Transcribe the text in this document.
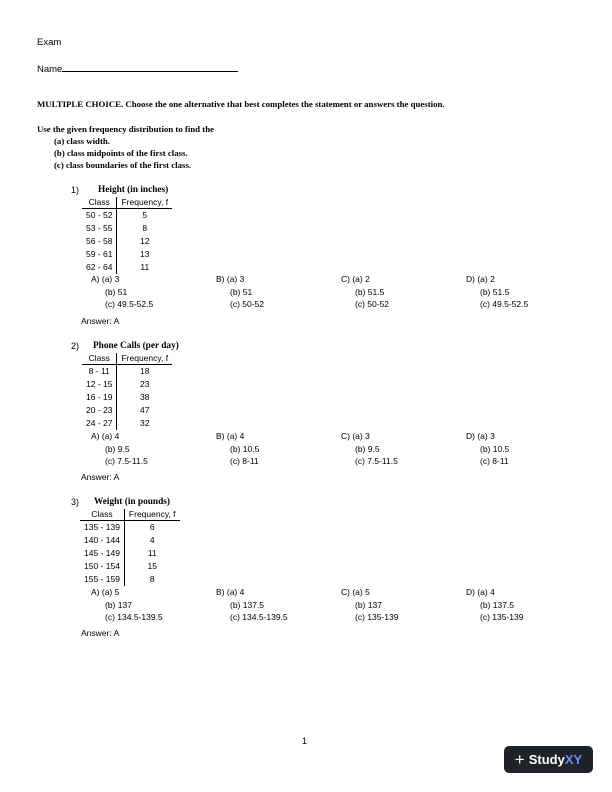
Exam
Name
MULTIPLE CHOICE. Choose the one alternative that best completes the statement or answers the question.
Use the given frequency distribution to find the
(a) class width.
(b) class midpoints of the first class.
(c) class boundaries of the first class.
1) Height (in inches)
Class	Frequency, f
50 - 52	5
53 - 55	8
56 - 58	12
59 - 61	13
62 - 64	11
A) (a) 3
(b) 51
(c) 49.5-52.5
B) (a) 3
(b) 51
(c) 50-52
C) (a) 2
(b) 51.5
(c) 50-52
D) (a) 2
(b) 51.5
(c) 49.5-52.5
Answer: A
2) Phone Calls (per day)
Class	Frequency, f
8 - 11	18
12 - 15	23
16 - 19	38
20 - 23	47
24 - 27	32
A) (a) 4
(b) 9.5
(c) 7.5-11.5
B) (a) 4
(b) 10.5
(c) 8-11
C) (a) 3
(b) 9.5
(c) 7.5-11.5
D) (a) 3
(b) 10.5
(c) 8-11
Answer: A
3) Weight (in pounds)
Class	Frequency, f
135 - 139	6
140 - 144	4
145 - 149	11
150 - 154	15
155 - 159	8
A) (a) 5
(b) 137
(c) 134.5-139.5
B) (a) 4
(b) 137.5
(c) 134.5-139.5
C) (a) 5
(b) 137
(c) 135-139
D) (a) 4
(b) 137.5
(c) 135-139
Answer: A
1
+ Study XY
